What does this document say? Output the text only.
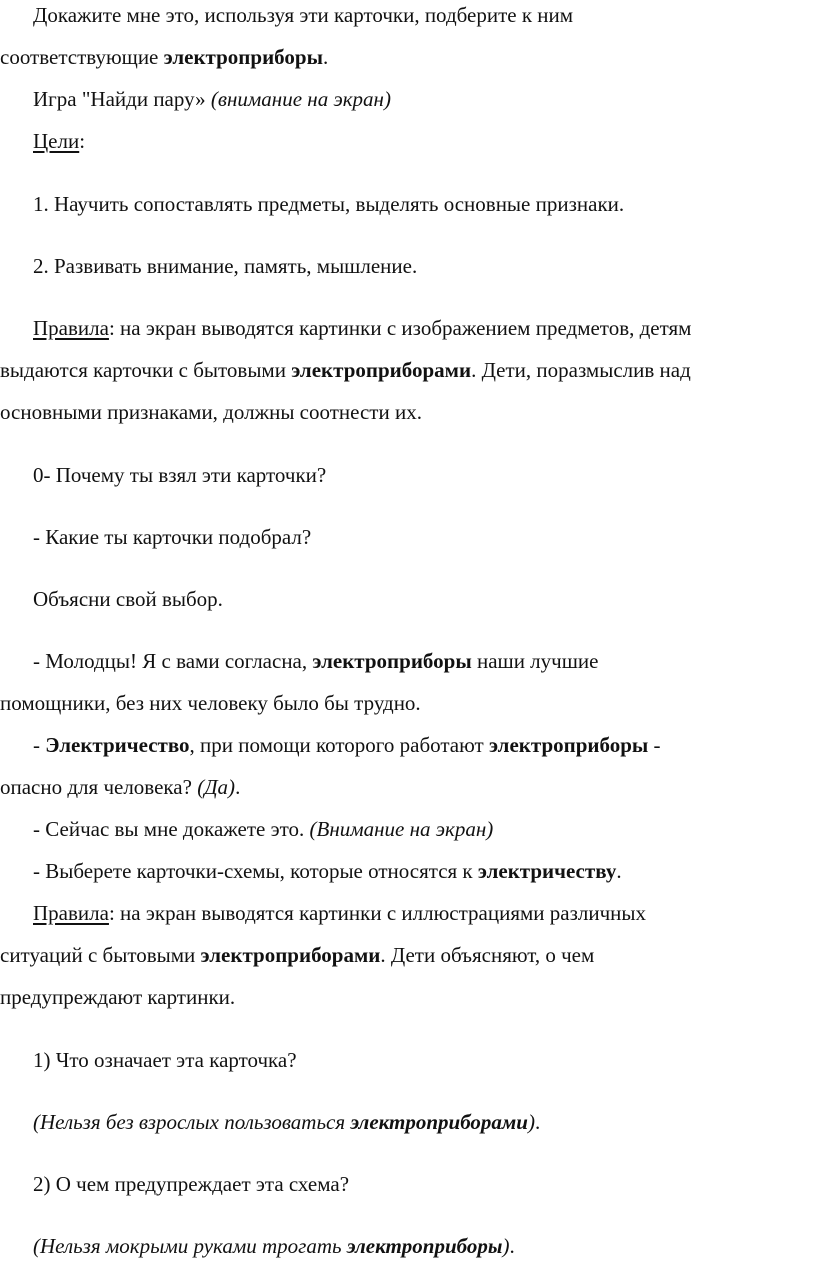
Докажите мне это, используя эти карточки, подберите к ним
соответствующие электроприборы.
Игра "Найди пару» (внимание на экран)
Цели:
1. Научить сопоставлять предметы, выделять основные признаки.
2. Развивать внимание, память, мышление.
Правила: на экран выводятся картинки с изображением предметов, детям
выдаются карточки с бытовыми электроприборами. Дети, поразмыслив над
основными признаками, должны соотнести их.
0- Почему ты взял эти карточки?
- Какие ты карточки подобрал?
Объясни свой выбор.
- Молодцы! Я с вами согласна, электроприборы наши лучшие
помощники, без них человеку было бы трудно.
- Электричество, при помощи которого работают электроприборы -
опасно для человека? (Да).
- Сейчас вы мне докажете это. (Внимание на экран)
- Выберете карточки-схемы, которые относятся к электричеству.
Правила: на экран выводятся картинки с иллюстрациями различных
ситуаций с бытовыми электроприборами. Дети объясняют, о чем
предупреждают картинки.
1) Что означает эта карточка?
(Нельзя без взрослых пользоваться электроприборами).
2) О чем предупреждает эта схема?
(Нельзя мокрыми руками трогать электроприборы).
